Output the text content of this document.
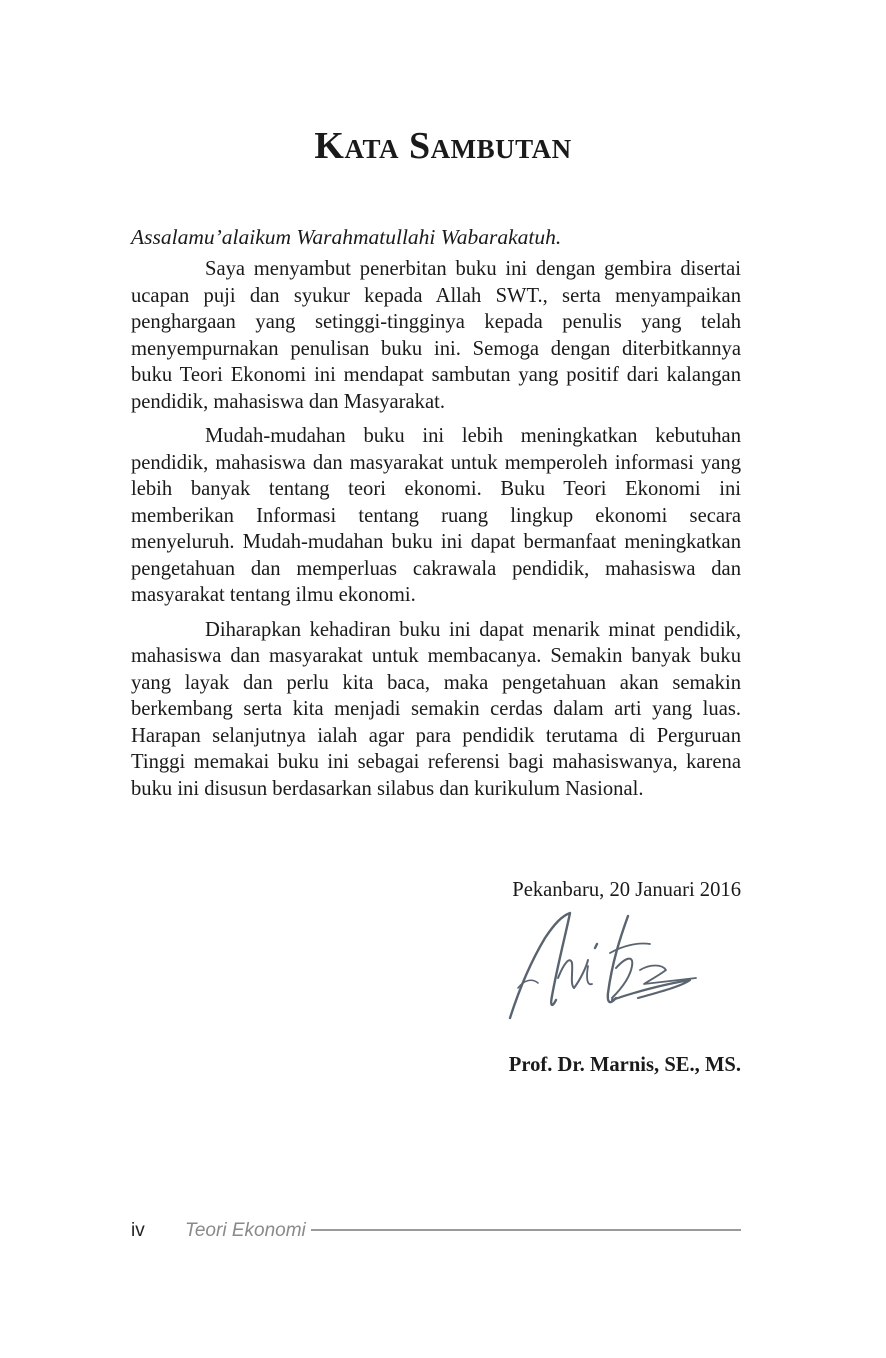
Kata Sambutan

Assalamu’alaikum Warahmatullahi Wabarakatuh.

Saya menyambut penerbitan buku ini dengan gembira disertai ucapan puji dan syukur kepada Allah SWT., serta menyampaikan penghargaan yang setinggi-tingginya kepada penulis yang telah menyempurnakan penulisan buku ini. Semoga dengan diterbitkannya buku Teori Ekonomi ini mendapat sambutan yang positif dari kalangan pendidik, mahasiswa dan Masyarakat.

Mudah-mudahan buku ini lebih meningkatkan kebutuhan pendidik, mahasiswa dan masyarakat untuk memperoleh informasi yang lebih banyak tentang teori ekonomi. Buku Teori Ekonomi ini memberikan Informasi tentang ruang lingkup ekonomi secara menyeluruh. Mudah-mudahan buku ini dapat bermanfaat meningkatkan pengetahuan dan memperluas cakrawala pendidik, mahasiswa dan masyarakat tentang ilmu ekonomi.

Diharapkan kehadiran buku ini dapat menarik minat pendidik, mahasiswa dan masyarakat untuk membacanya. Semakin banyak buku yang layak dan perlu kita baca, maka pengetahuan akan semakin berkembang serta kita menjadi semakin cerdas dalam arti yang luas. Harapan selanjutnya ialah agar para pendidik terutama di Perguruan Tinggi memakai buku ini sebagai referensi bagi mahasiswanya, karena buku ini disusun berdasarkan silabus dan kurikulum Nasional.

Pekanbaru, 20 Januari 2016
Prof. Dr. Marnis, SE., MS.
iv Teori Ekonomi
